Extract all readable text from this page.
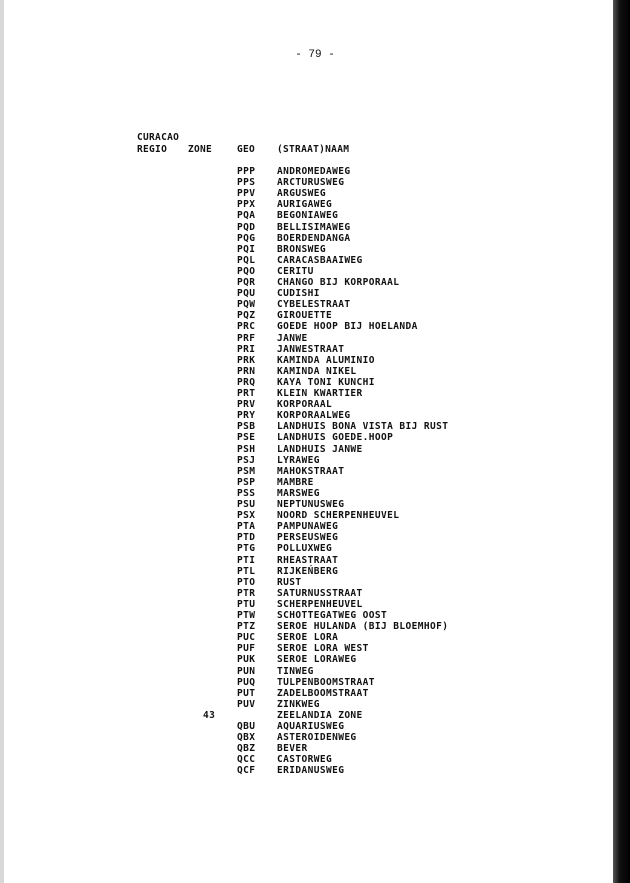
- 79 -
CURACAO
REGIO ZONE	GEO (STRAAT)NAAM
PPP ANDROMEDAWEG
PPS ARCTURUSWEG
PPV ARGUSWEG
PPX AURIGAWEG
PQA BEGONIAWEG
PQD BELLISIMAWEG
PQG BOERDENDANGA
PQI BRONSWEG
PQL CARACASBAAIWEG
PQO CERITU
PQR CHANGO BIJ KORPORAAL
PQU CUDISHI
PQW CYBELESTRAAT
PQZ GIROUETTE
PRC GOEDE HOOP BIJ HOELANDA
PRF JANWE
PRI JANWESTRAAT
PRK KAMINDA ALUMINIO
PRN KAMINDA NIKEL
PRQ KAYA TONI KUNCHI
PRT KLEIN KWARTIER
PRV KORPORAAL
PRY KORPORAALWEG
PSB LANDHUIS BONA VISTA BIJ RUST
PSE LANDHUIS GOEDE.HOOP
PSH LANDHUIS JANWE
PSJ LYRAWEG
PSM MAHOKSTRAAT
PSP MAMBRE
PSS MARSWEG
PSU NEPTUNUSWEG
PSX NOORD SCHERPENHEUVEL
PTA PAMPUNAWEG
PTD PERSEUSWEG
PTG POLLUXWEG
PTI RHEASTRAAT
PTL RIJKEŃBERG
PTO RUST
PTR SATURNUSSTRAAT
PTU SCHERPENHEUVEL
PTW SCHOTTEGATWEG OOST
PTZ SEROE HULANDA (BIJ BLOEMHOF)
PUC SEROE LORA
PUF SEROE LORA WEST
PUK SEROE LORAWEG
PUN TINWEG
PUQ TULPENBOOMSTRAAT
PUT ZADELBOOMSTRAAT
PUV ZINKWEG
43	ZEELANDIA ZONE
QBU AQUARIUSWEG
QBX ASTEROIDENWEG
QBZ BEVER
QCC CASTORWEG
QCF ERIDANUSWEG
